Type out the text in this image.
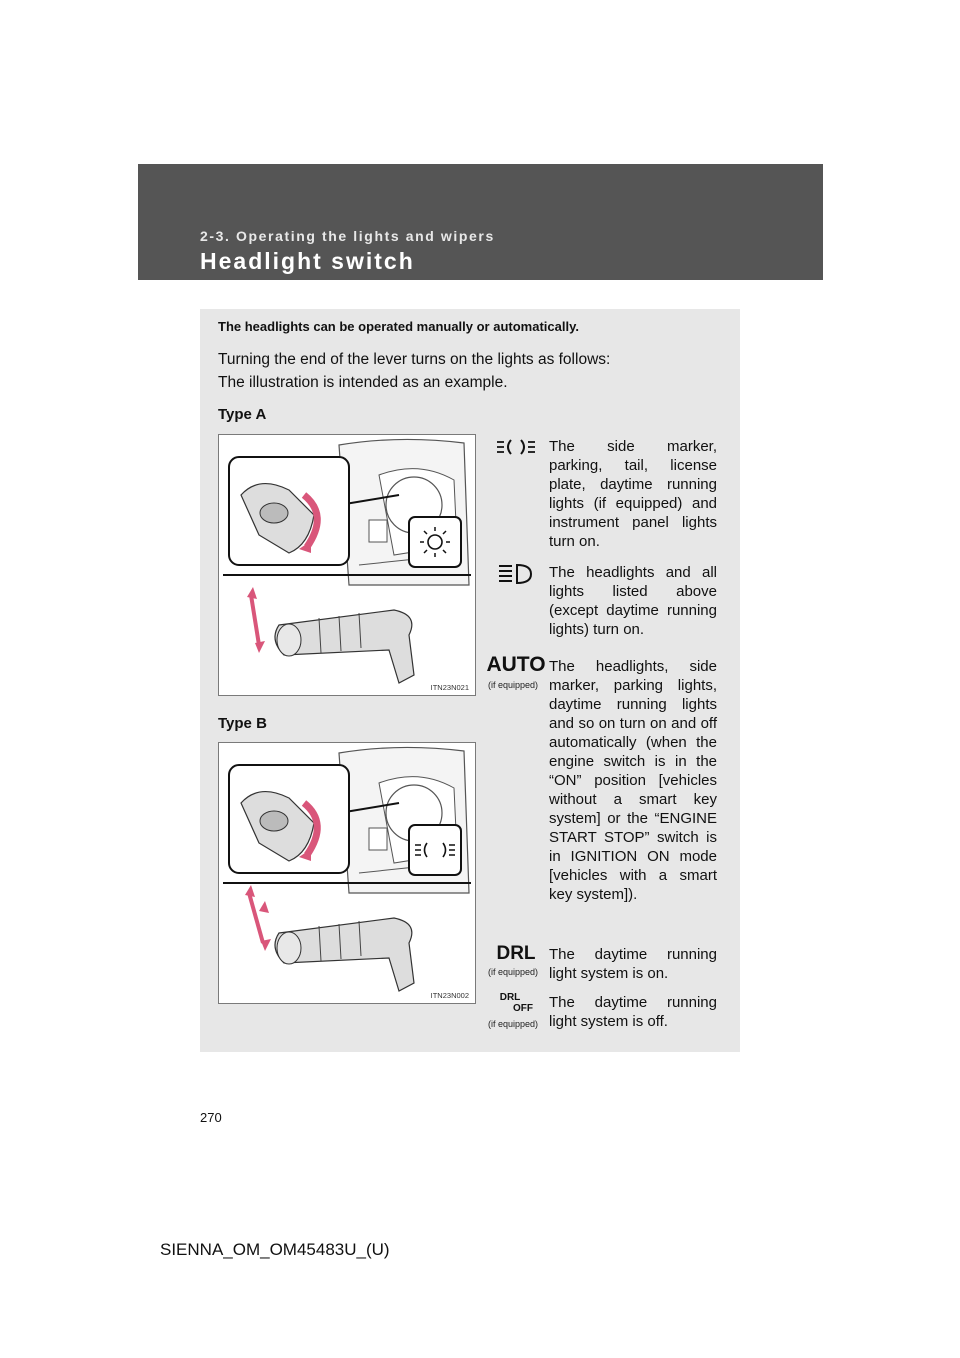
2-3. Operating the lights and wipers
Headlight switch
The headlights can be operated manually or automatically.
Turning the end of the lever turns on the lights as follows:
The illustration is intended as an example.
Type A
ITN23N021
Type B
ITN23N002
The side marker, parking, tail, license plate, daytime running lights (if equipped) and instrument panel lights turn on.
The headlights and all lights listed above (except daytime running lights) turn on.
AUTO
(if equipped)
The headlights, side marker, parking lights, daytime running lights and so on turn on and off automatically (when the engine switch is in the “ON” position [vehicles without a smart key system] or the “ENGINE START STOP” switch is in IGNITION ON mode [vehicles with a smart key system]).
DRL
(if equipped)
The daytime running light system is on.
DRL
OFF
(if equipped)
The daytime running light system is off.
270
SIENNA_OM_OM45483U_(U)
